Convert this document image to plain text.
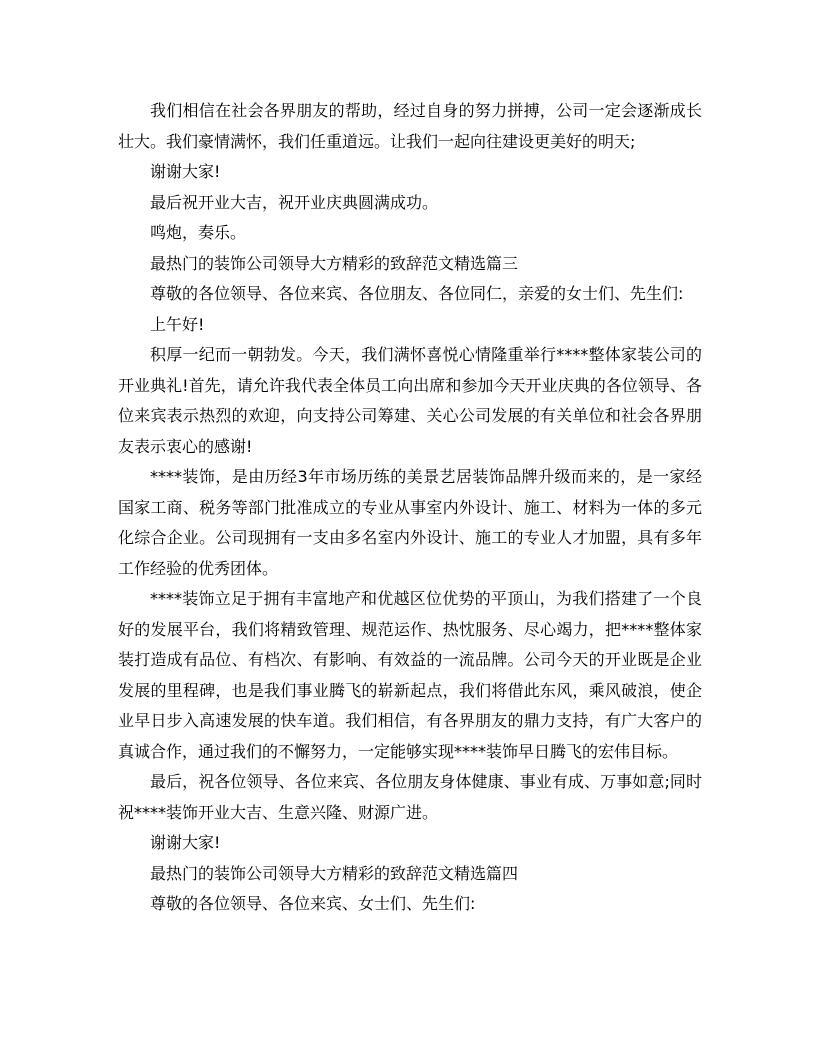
我们相信在社会各界朋友的帮助，经过自身的努力拼搏，公司一定会逐渐成长壮大。我们豪情满怀，我们任重道远。让我们一起向往建设更美好的明天;

谢谢大家!

最后祝开业大吉，祝开业庆典圆满成功。

鸣炮，奏乐。

最热门的装饰公司领导大方精彩的致辞范文精选篇三

尊敬的各位领导、各位来宾、各位朋友、各位同仁，亲爱的女士们、先生们:

上午好!

积厚一纪而一朝勃发。今天，我们满怀喜悦心情隆重举行****整体家装公司的开业典礼!首先，请允许我代表全体员工向出席和参加今天开业庆典的各位领导、各位来宾表示热烈的欢迎，向支持公司筹建、关心公司发展的有关单位和社会各界朋友表示衷心的感谢!

****装饰，是由历经3年市场历练的美景艺居装饰品牌升级而来的，是一家经国家工商、税务等部门批准成立的专业从事室内外设计、施工、材料为一体的多元化综合企业。公司现拥有一支由多名室内外设计、施工的专业人才加盟，具有多年工作经验的优秀团体。

****装饰立足于拥有丰富地产和优越区位优势的平顶山，为我们搭建了一个良好的发展平台，我们将精致管理、规范运作、热忱服务、尽心竭力，把****整体家装打造成有品位、有档次、有影响、有效益的一流品牌。公司今天的开业既是企业发展的里程碑，也是我们事业腾飞的崭新起点，我们将借此东风，乘风破浪，使企业早日步入高速发展的快车道。我们相信，有各界朋友的鼎力支持，有广大客户的真诚合作，通过我们的不懈努力，一定能够实现****装饰早日腾飞的宏伟目标。

最后，祝各位领导、各位来宾、各位朋友身体健康、事业有成、万事如意;同时祝****装饰开业大吉、生意兴隆、财源广进。

谢谢大家!

最热门的装饰公司领导大方精彩的致辞范文精选篇四

尊敬的各位领导、各位来宾、女士们、先生们:
